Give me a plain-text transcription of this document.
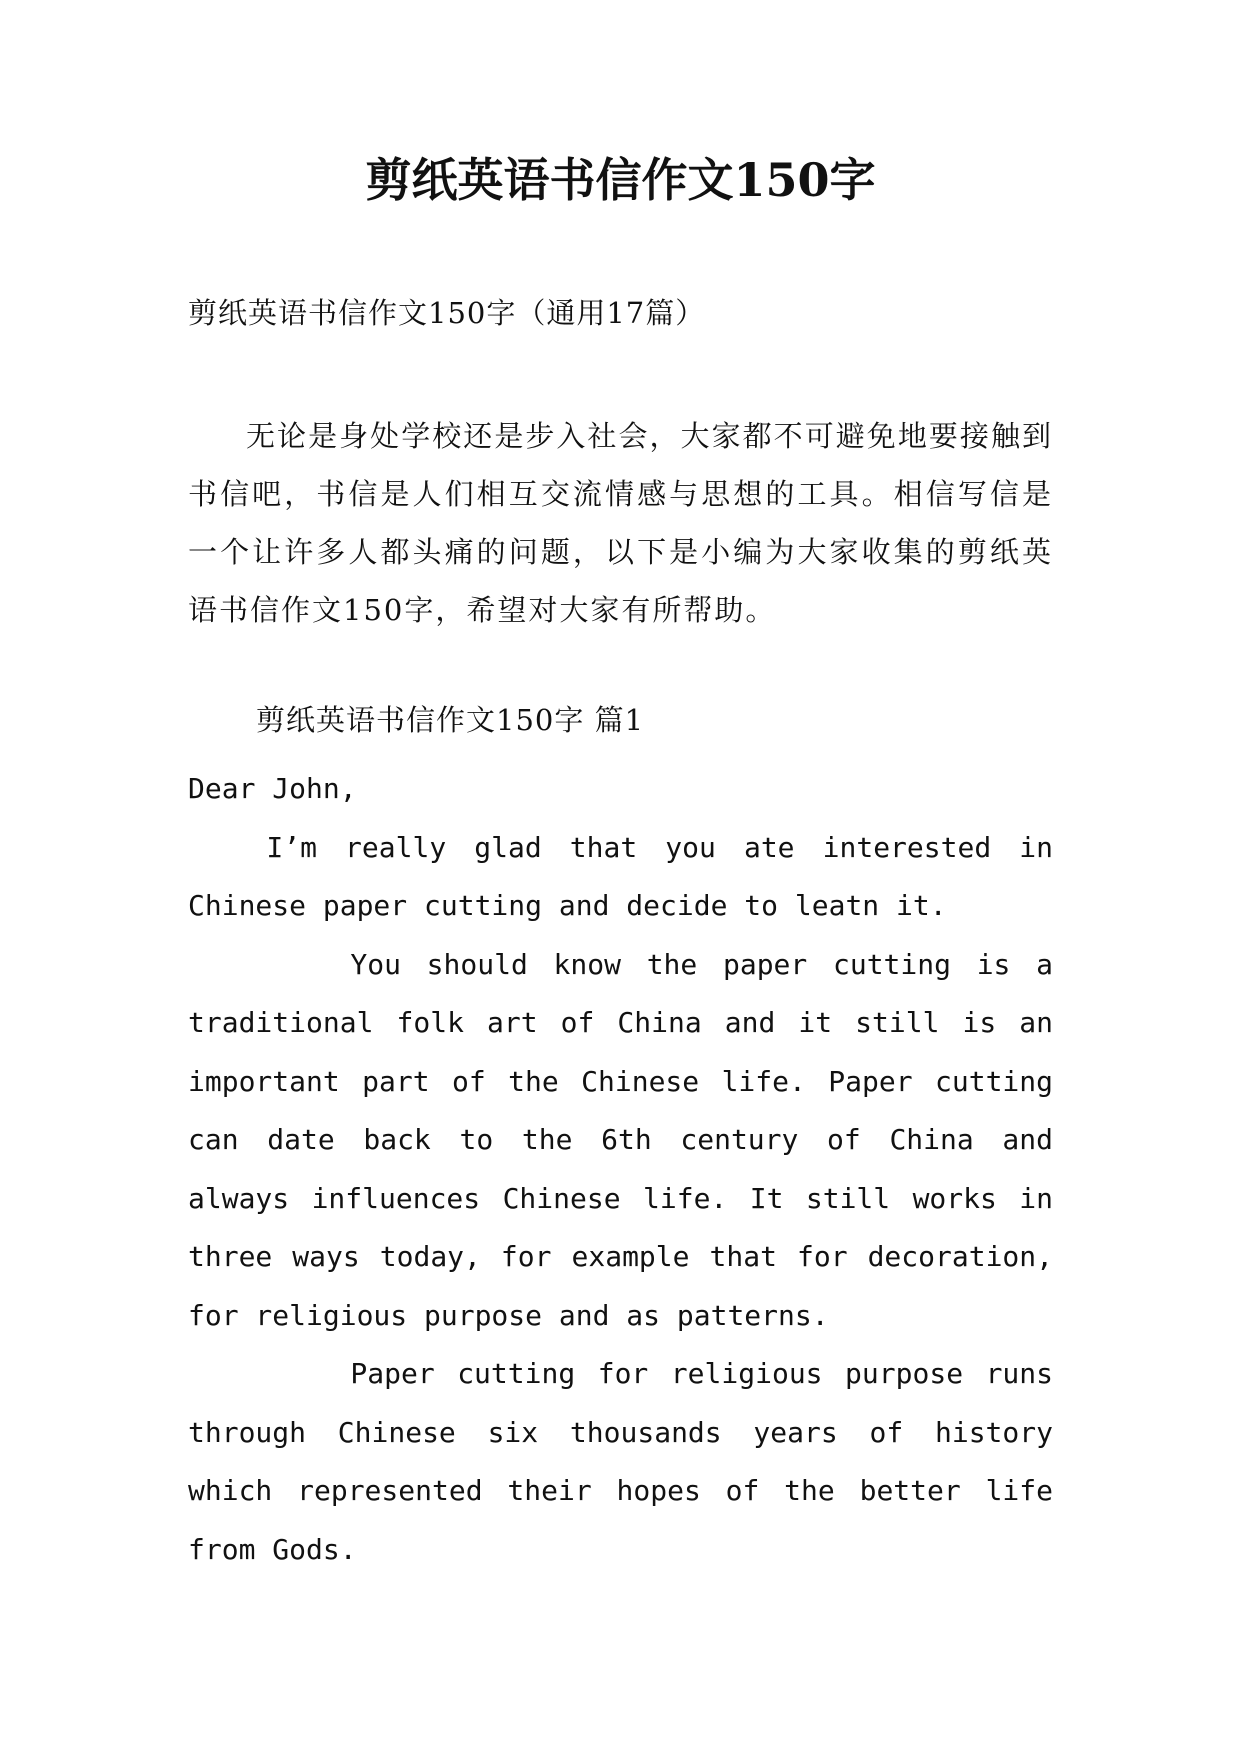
剪纸英语书信作文150字

剪纸英语书信作文150字（通用17篇）

无论是身处学校还是步入社会，大家都不可避免地要接触到书信吧，书信是人们相互交流情感与思想的工具。相信写信是一个让许多人都头痛的问题，以下是小编为大家收集的剪纸英语书信作文150字，希望对大家有所帮助。

剪纸英语书信作文150字 篇1

Dear John,

I’m really glad that you ate interested in Chinese paper cutting and decide to leatn it.

You should know the paper cutting is a traditional folk art of China and it still is an important part of the Chinese life. Paper cutting can date back to the 6th century of China and always influences Chinese life. It still works in three ways today, for example that for decoration, for religious purpose and as patterns.

Paper cutting for religious purpose runs through Chinese six thousands years of history which represented their hopes of the better life from Gods.
